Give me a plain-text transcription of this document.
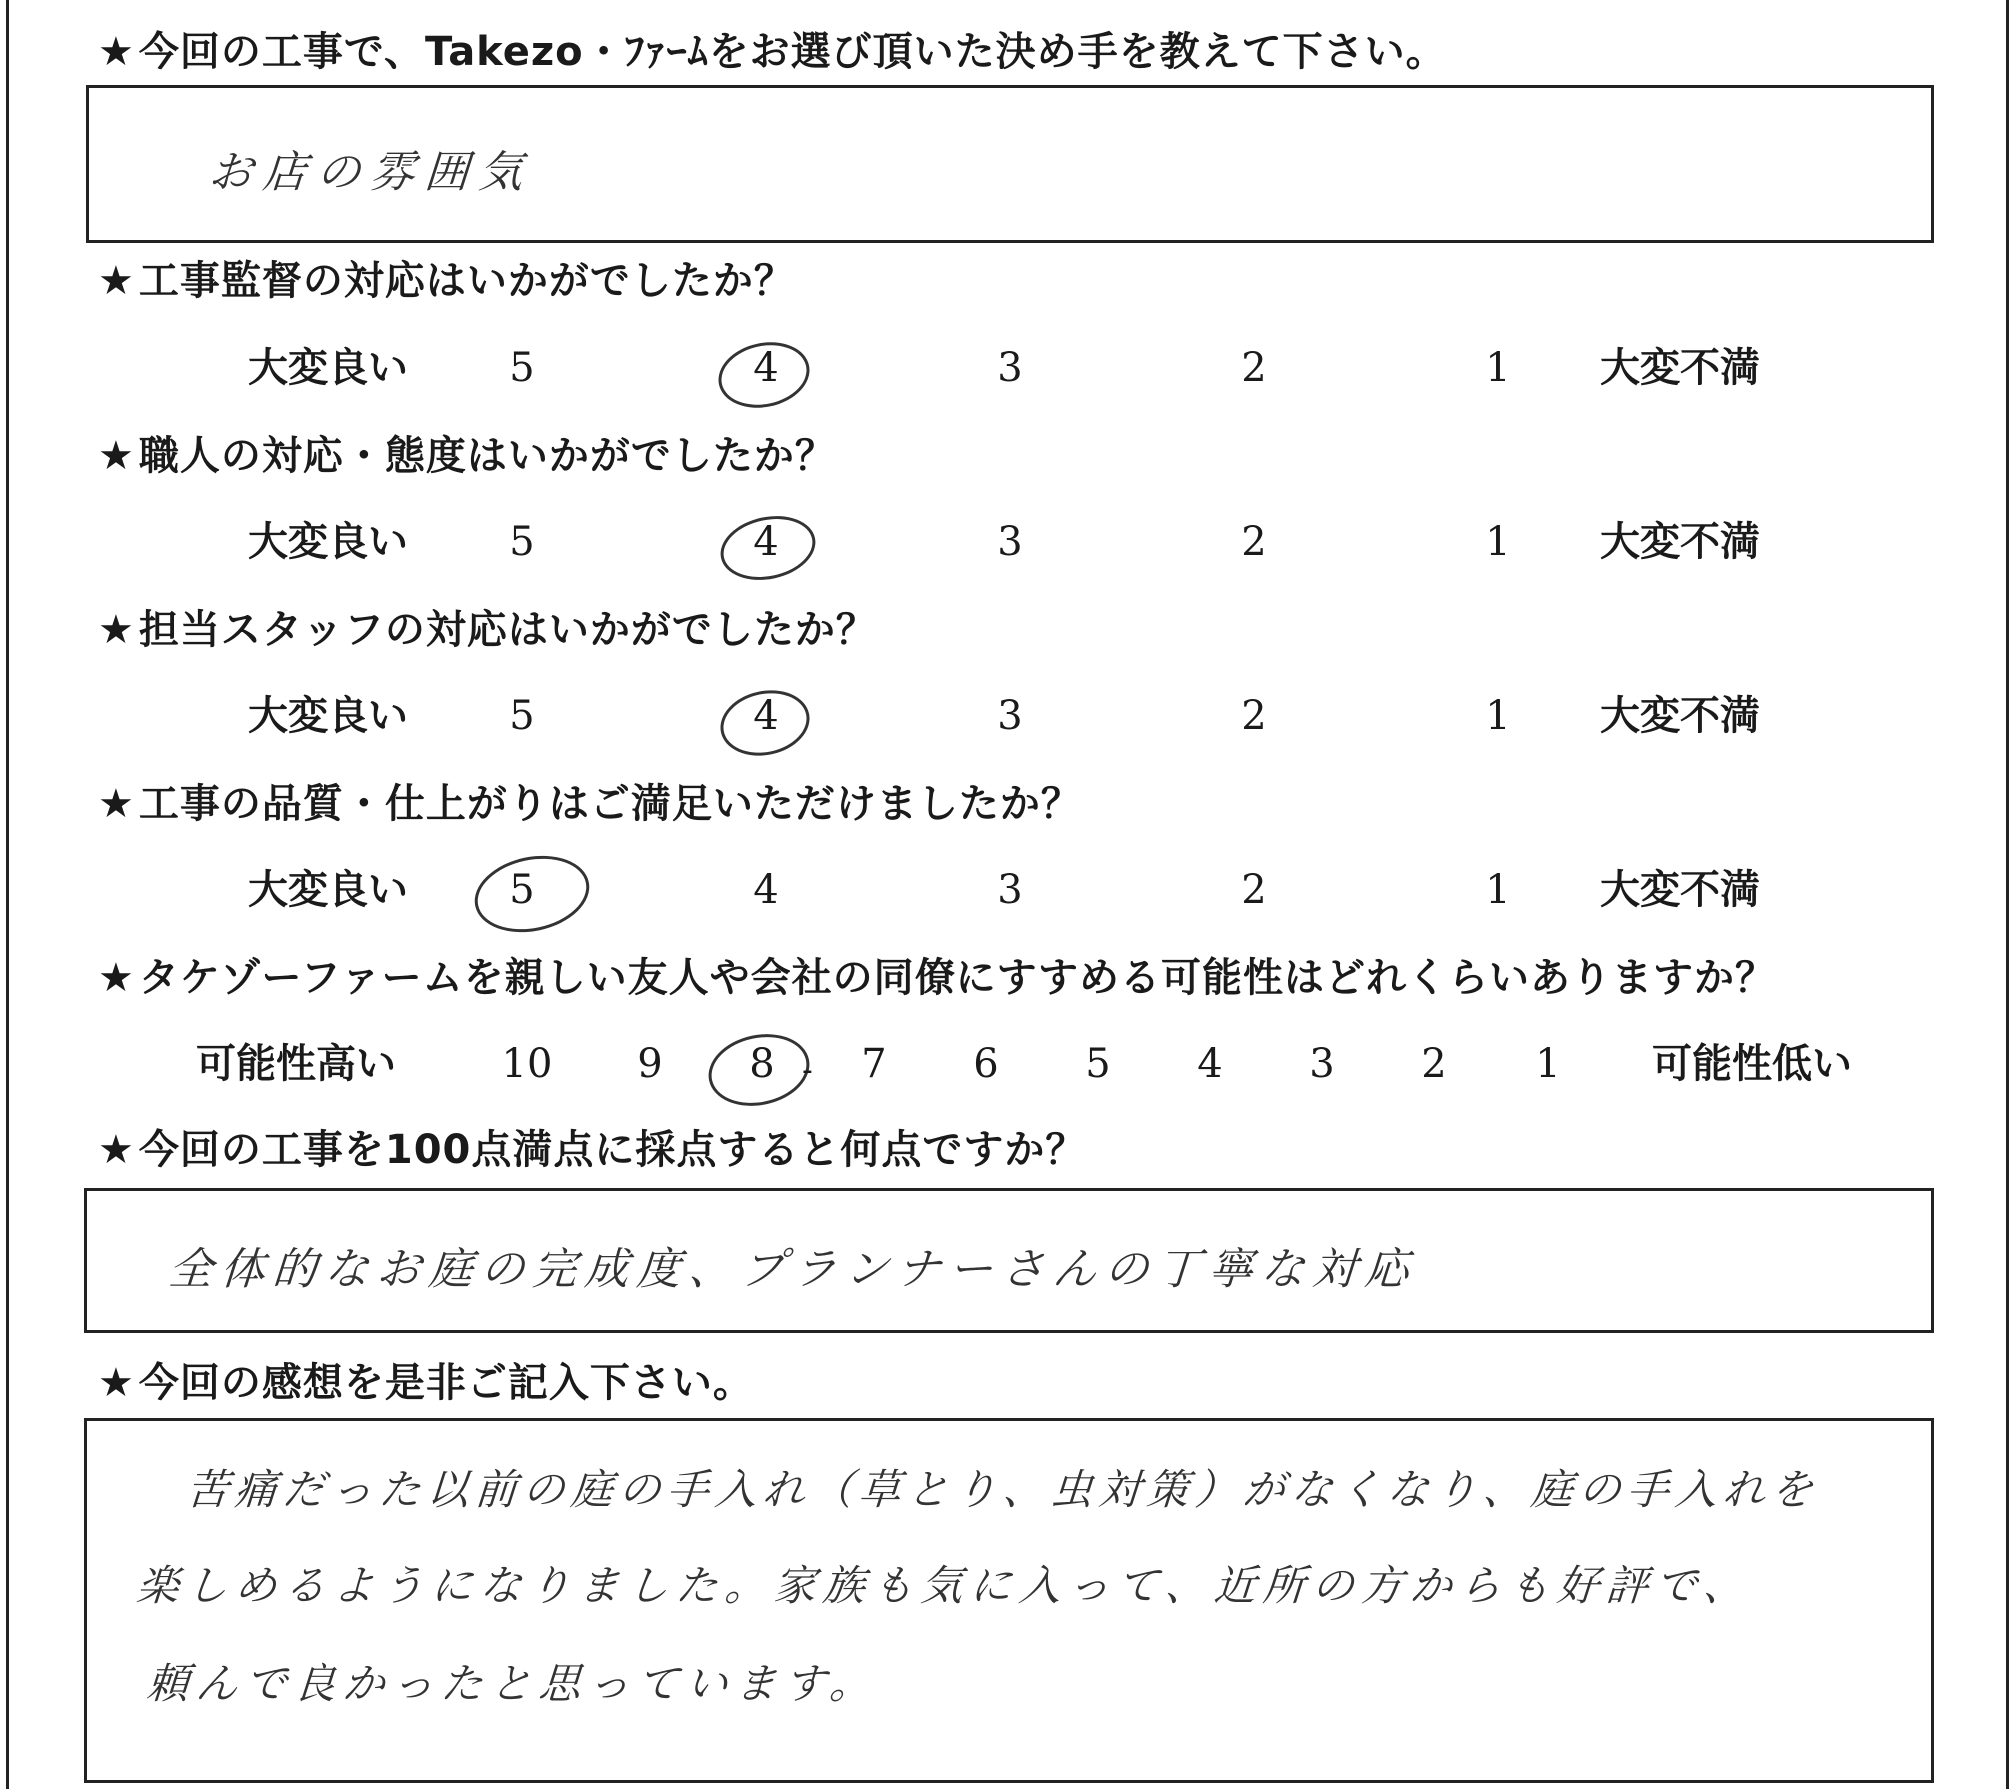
★ 今回の工事で、Takezo・ﾌｧｰﾑをお選び頂いた決め手を教えて下さい。
お店の雰囲気
★ 工事監督の対応はいかがでしたか？
大変良い	5	4	3	2	1	大変不満
★ 職人の対応・態度はいかがでしたか？
大変良い	5	4	3	2	1	大変不満
★ 担当スタッフの対応はいかがでしたか？
大変良い	5	4	3	2	1	大変不満
★ 工事の品質・仕上がりはご満足いただけましたか？
大変良い	5	4	3	2	1	大変不満
★ タケゾーファームを親しい友人や会社の同僚にすすめる可能性はどれくらいありますか？
可能性高い	10	9	8	7	6	5	4	3	2	1	可能性低い
-
★ 今回の工事を100点満点に採点すると何点ですか？
全体的なお庭の完成度、プランナーさんの丁寧な対応
★ 今回の感想を是非ご記入下さい。
苦痛だった以前の庭の手入れ（草とり、虫対策）がなくなり、庭の手入れを
楽しめるようになりました。家族も気に入って、近所の方からも好評で、
頼んで良かったと思っています。
